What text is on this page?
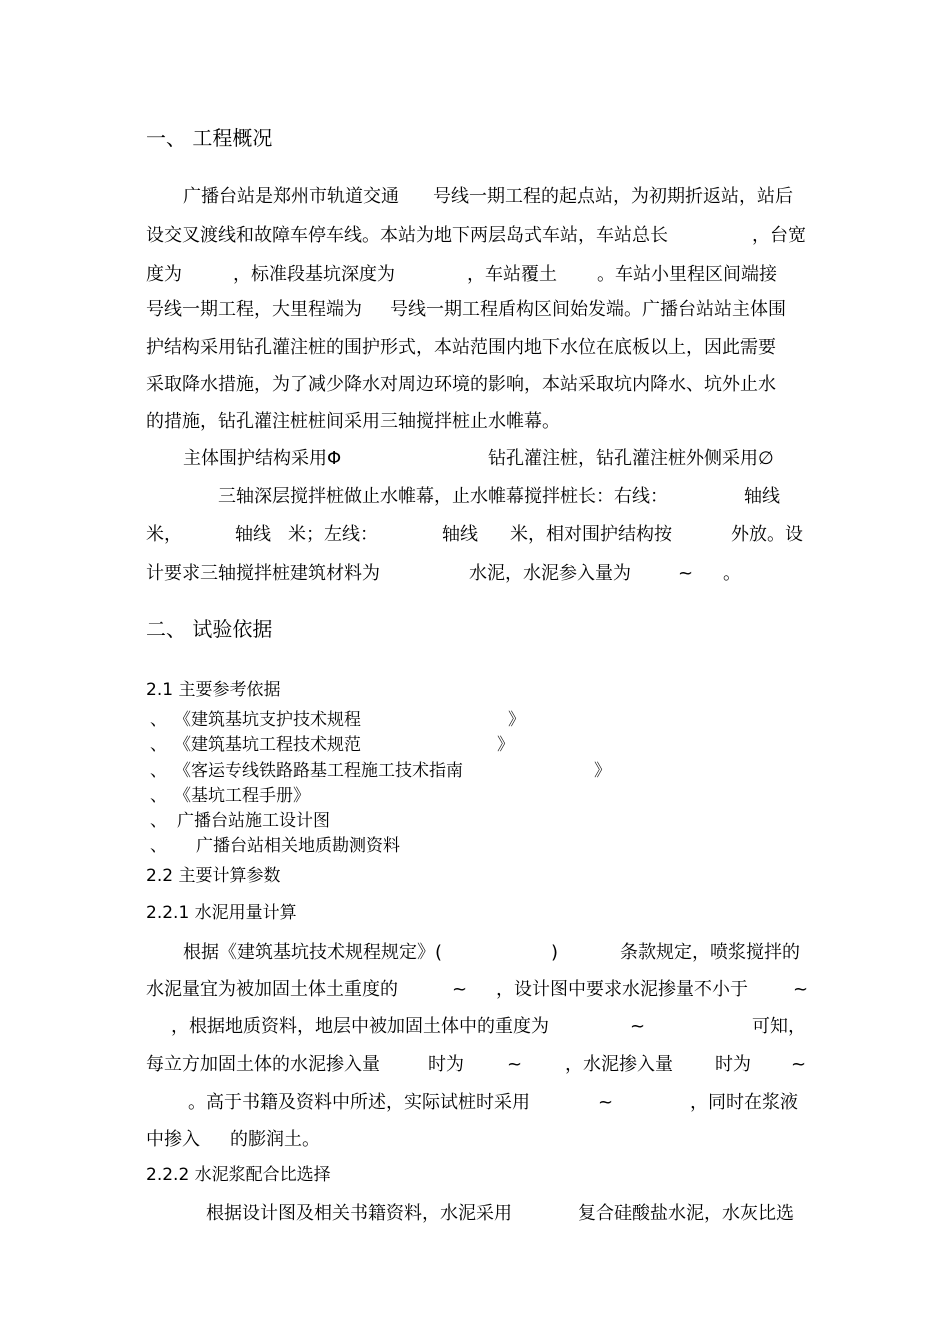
一、 工程概况
广播台站是郑州市轨道交通 号线一期工程的起点站，为初期折返站，站后
设交叉渡线和故障车停车线。本站为地下两层岛式车站，车站总长	，台宽
度为	，标准段基坑深度为	，车站覆土 。车站小里程区间端接
号线一期工程，大里程端为 号线一期工程盾构区间始发端。广播台站站主体围
护结构采用钻孔灌注桩的围护形式，本站范围内地下水位在底板以上，因此需要
采取降水措施，为了减少降水对周边环境的影响，本站采取坑内降水、坑外止水
的措施，钻孔灌注桩桩间采用三轴搅拌桩止水帷幕。
主体围护结构采用Φ	钻孔灌注桩，钻孔灌注桩外侧采用∅
三轴深层搅拌桩做止水帷幕，止水帷幕搅拌桩长：右线：	轴线
米，	轴线 米；左线：	轴线 米，相对围护结构按	外放。设
计要求三轴搅拌桩建筑材料为	水泥，水泥参入量为	~ 。
二、 试验依据
2.1 主要参考依据
、 《建筑基坑支护技术规程	》
、 《建筑基坑工程技术规范	》
、 《客运专线铁路路基工程施工技术指南	》
、 《基坑工程手册》
、 广播台站施工设计图
、 广播台站相关地质勘测资料
2.2 主要计算参数
2.2.1 水泥用量计算
根据《建筑基坑技术规程规定》(	)	条款规定，喷浆搅拌的
水泥量宜为被加固土体土重度的	~ ，设计图中要求水泥掺量不小于	~
，根据地质资料，地层中被加固土体中的重度为	~	可知，
每立方加固土体的水泥掺入量	时为 ~ ，水泥掺入量 时为 ~
。高于书籍及资料中所述，实际试桩时采用	~	，同时在浆液
中掺入 的膨润土。
2.2.2 水泥浆配合比选择
根据设计图及相关书籍资料，水泥采用	复合硅酸盐水泥，水灰比选
